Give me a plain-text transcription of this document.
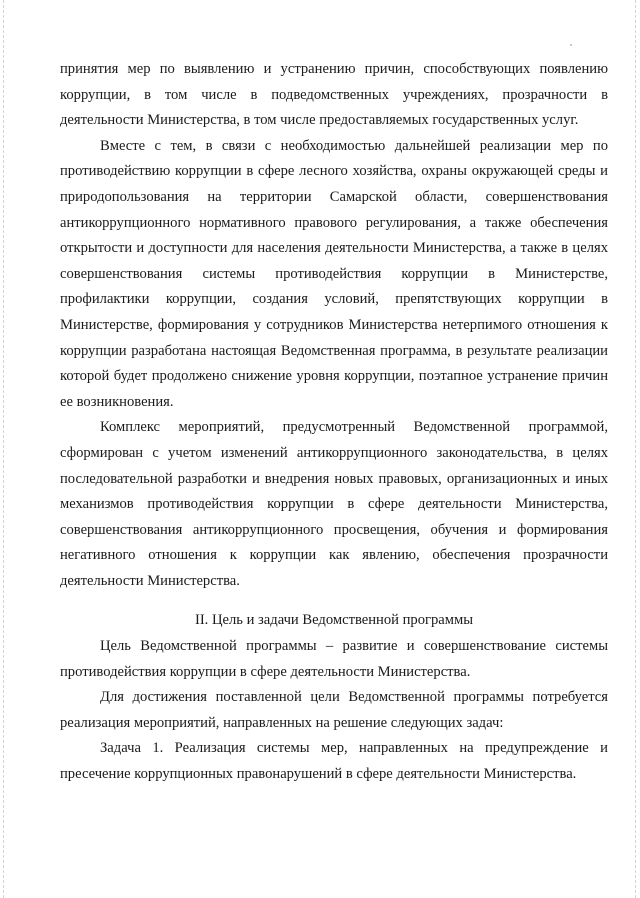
принятия мер по выявлению и устранению причин, способствующих появлению коррупции, в том числе в подведомственных учреждениях, прозрачности в деятельности Министерства, в том числе предоставляемых государственных услуг.

Вместе с тем, в связи с необходимостью дальнейшей реализации мер по противодействию коррупции в сфере лесного хозяйства, охраны окружающей среды и природопользования на территории Самарской области, совершенствования антикоррупционного нормативного правового регулирования, а также обеспечения открытости и доступности для населения деятельности Министерства, а также в целях совершенствования системы противодействия коррупции в Министерстве, профилактики коррупции, создания условий, препятствующих коррупции в Министерстве, формирования у сотрудников Министерства нетерпимого отношения к коррупции разработана настоящая Ведомственная программа, в результате реализации которой будет продолжено снижение уровня коррупции, поэтапное устранение причин ее возникновения.

Комплекс мероприятий, предусмотренный Ведомственной программой, сформирован с учетом изменений антикоррупционного законодательства, в целях последовательной разработки и внедрения новых правовых, организационных и иных механизмов противодействия коррупции в сфере деятельности Министерства, совершенствования антикоррупционного просвещения, обучения и формирования негативного отношения к коррупции как явлению, обеспечения прозрачности деятельности Министерства.

II. Цель и задачи Ведомственной программы

Цель Ведомственной программы – развитие и совершенствование системы противодействия коррупции в сфере деятельности Министерства.

Для достижения поставленной цели Ведомственной программы потребуется реализация мероприятий, направленных на решение следующих задач:

Задача 1. Реализация системы мер, направленных на предупреждение и пресечение коррупционных правонарушений в сфере деятельности Министерства.
